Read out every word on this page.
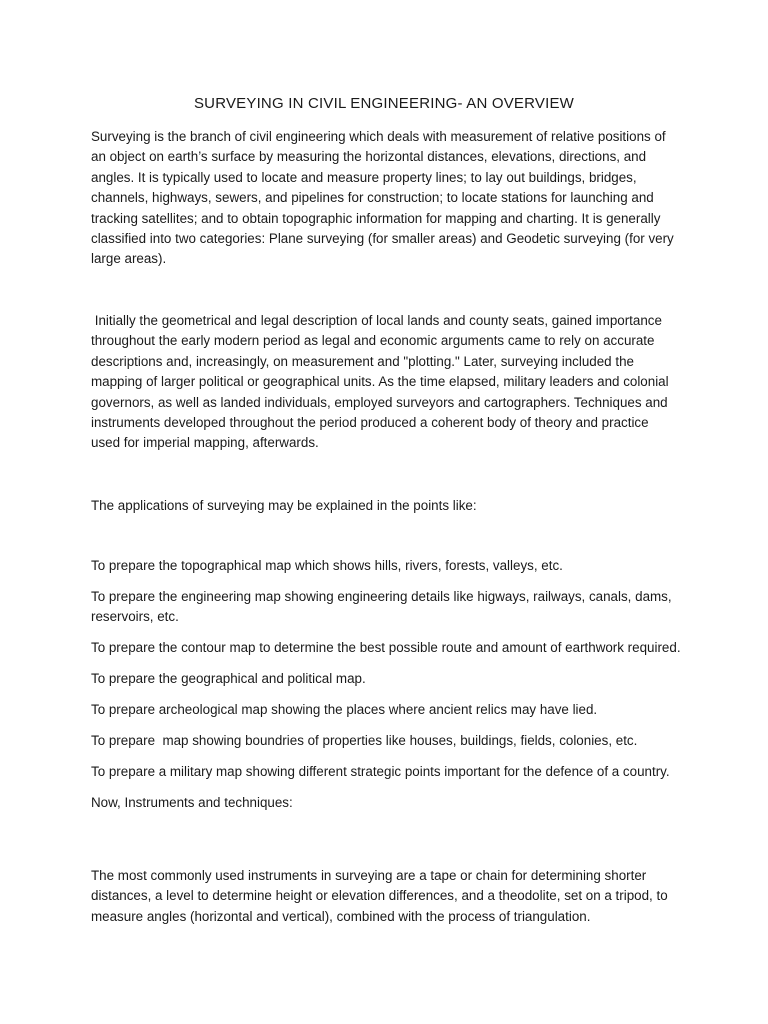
SURVEYING IN CIVIL ENGINEERING- AN OVERVIEW

Surveying is the branch of civil engineering which deals with measurement of relative positions of an object on earth’s surface by measuring the horizontal distances, elevations, directions, and angles. It is typically used to locate and measure property lines; to lay out buildings, bridges, channels, highways, sewers, and pipelines for construction; to locate stations for launching and tracking satellites; and to obtain topographic information for mapping and charting. It is generally classified into two categories: Plane surveying (for smaller areas) and Geodetic surveying (for very large areas).

Initially the geometrical and legal description of local lands and county seats, gained importance throughout the early modern period as legal and economic arguments came to rely on accurate descriptions and, increasingly, on measurement and "plotting." Later, surveying included the mapping of larger political or geographical units. As the time elapsed, military leaders and colonial governors, as well as landed individuals, employed surveyors and cartographers. Techniques and instruments developed throughout the period produced a coherent body of theory and practice used for imperial mapping, afterwards.

The applications of surveying may be explained in the points like:

To prepare the topographical map which shows hills, rivers, forests, valleys, etc.
To prepare the engineering map showing engineering details like higways, railways, canals, dams, reservoirs, etc.
To prepare the contour map to determine the best possible route and amount of earthwork required.
To prepare the geographical and political map.
To prepare archeological map showing the places where ancient relics may have lied.
To prepare  map showing boundries of properties like houses, buildings, fields, colonies, etc.
To prepare a military map showing different strategic points important for the defence of a country.
Now, Instruments and techniques:

The most commonly used instruments in surveying are a tape or chain for determining shorter distances, a level to determine height or elevation differences, and a theodolite, set on a tripod, to measure angles (horizontal and vertical), combined with the process of triangulation.
